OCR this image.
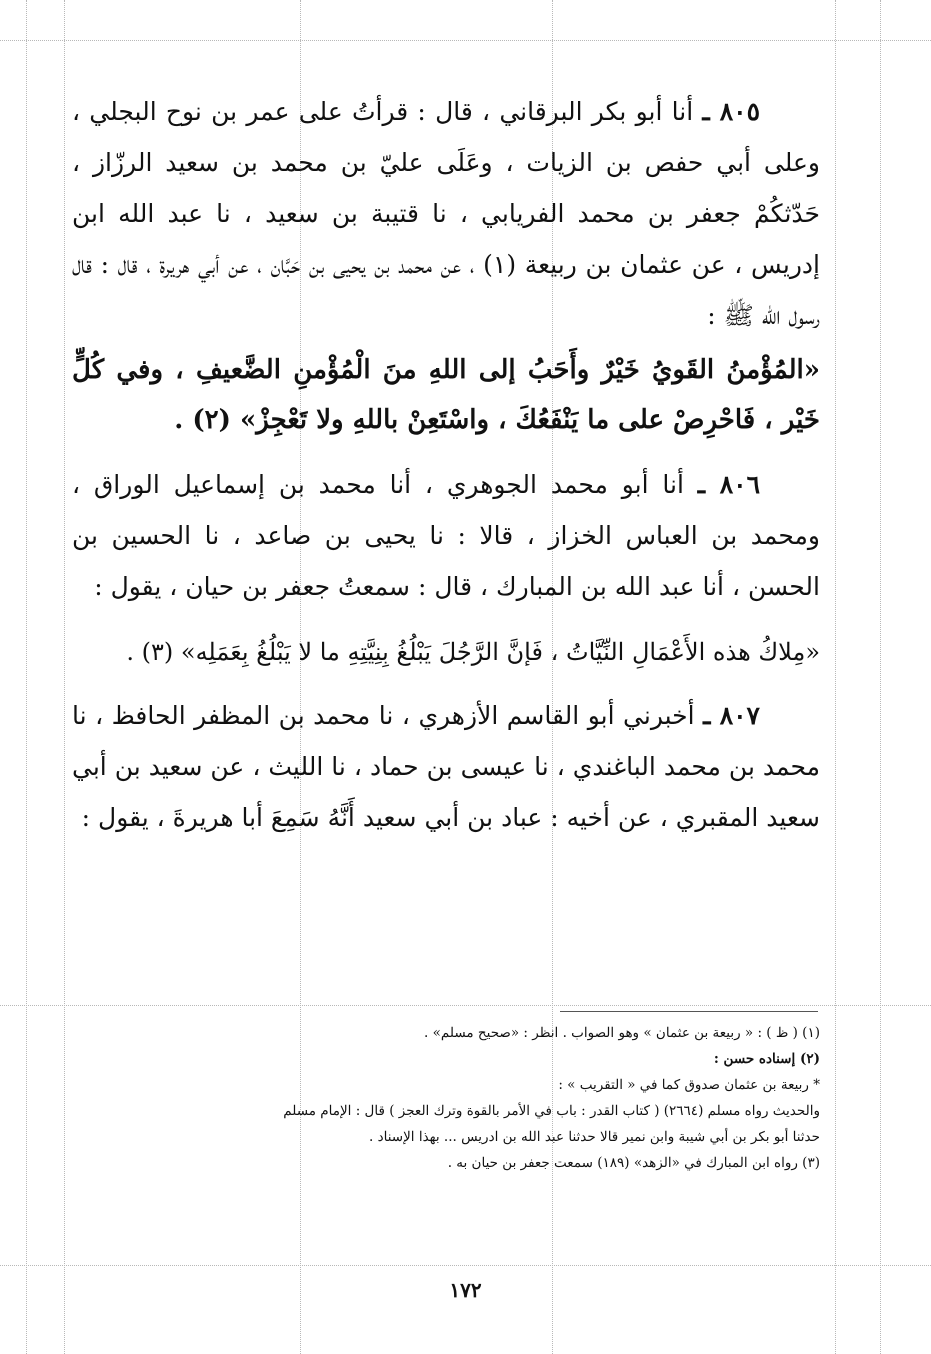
٨٠٥ ـ أنا أبو بكر البرقاني ، قال : قرأتُ على عمر بن نوح البجلي ، وعلى أبي حفص بن الزيات ، وعَلَى عليّ بن محمد بن سعيد الرزّاز ، حَدّثكُمْ جعفر بن محمد الفريابي ، نا قتيبة بن سعيد ، نا عبد الله ابن إدريس ، عن عثمان بن ربيعة (١) ، عن محمد بن يحيى بن حَبَّان ، عن أبي هريرة ، قال : قال رسول الله ﷺ :

«المُؤْمنُ القَويُ خَيْرٌ وأَحَبُ إلى اللهِ منَ الْمُؤْمنِ الضَّعيفِ ، وفي كُلٍّ خَيْر ، فَاحْرِصْ على ما يَنْفَعُكَ ، واسْتَعِنْ باللهِ ولا تَعْجِزْ» (٢) .

٨٠٦ ـ أنا أبو محمد الجوهري ، أنا محمد بن إسماعيل الوراق ، ومحمد بن العباس الخزاز ، قالا : نا يحيى بن صاعد ، نا الحسين بن الحسن ، أنا عبد الله بن المبارك ، قال : سمعتُ جعفر بن حيان ، يقول :

«مِلاكُ هذه الأَعْمَالِ النِّيَّاتُ ، فَإنَّ الرَّجُلَ يَبْلُغُ بِنِيَّتِهِ ما لا يَبْلُغُ بِعَمَلِه» (٣) .

٨٠٧ ـ أخبرني أبو القاسم الأزهري ، نا محمد بن المظفر الحافظ ، نا محمد بن محمد الباغندي ، نا عيسى بن حماد ، نا الليث ، عن سعيد بن أبي سعيد المقبري ، عن أخيه : عباد بن أبي سعيد أَنَّهُ سَمِعَ أبا هريرةَ ، يقول :

(١) ( ظ ) : « ربيعة بن عثمان » وهو الصواب . انظر : «صحيح مسلم» .

(٢) إسناده حسن :

* ربيعة بن عثمان صدوق كما في « التقريب » :

والحديث رواه مسلم (٢٦٦٤) ( كتاب القدر : باب في الأمر بالقوة وترك العجز ) قال : الإمام مسلم

حدثنا أبو بكر بن أبي شيبة وابن نمير قالا حدثنا عبد الله بن ادريس ... بهذا الإسناد .

(٣) رواه ابن المبارك في «الزهد» (١٨٩) سمعت جعفر بن حيان به .

١٧٢
